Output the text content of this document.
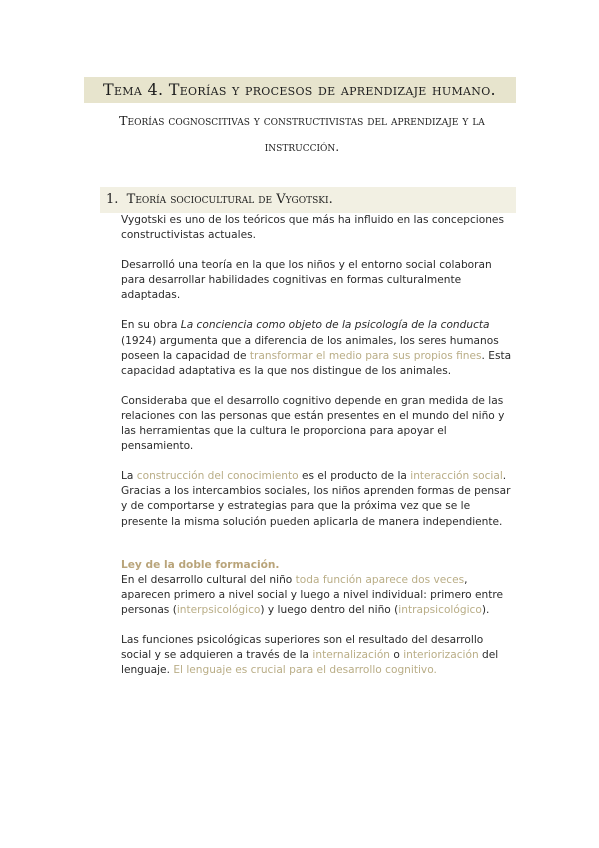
Tema 4. Teorías y procesos de aprendizaje humano.
Teorías cognoscitivas y constructivistas del aprendizaje y la instrucción.
1. Teoría sociocultural de Vygotski.

Vygotski es uno de los teóricos que más ha influido en las concepciones constructivistas actuales.

Desarrolló una teoría en la que los niños y el entorno social colaboran para desarrollar habilidades cognitivas en formas culturalmente adaptadas.

En su obra La conciencia como objeto de la psicología de la conducta (1924) argumenta que a diferencia de los animales, los seres humanos poseen la capacidad de transformar el medio para sus propios fines. Esta capacidad adaptativa es la que nos distingue de los animales.

Consideraba que el desarrollo cognitivo depende en gran medida de las relaciones con las personas que están presentes en el mundo del niño y las herramientas que la cultura le proporciona para apoyar el pensamiento.

La construcción del conocimiento es el producto de la interacción social. Gracias a los intercambios sociales, los niños aprenden formas de pensar y de comportarse y estrategias para que la próxima vez que se le presente la misma solución pueden aplicarla de manera independiente.

Ley de la doble formación.
En el desarrollo cultural del niño toda función aparece dos veces, aparecen primero a nivel social y luego a nivel individual: primero entre personas (interpsicológico) y luego dentro del niño (intrapsicológico).

Las funciones psicológicas superiores son el resultado del desarrollo social y se adquieren a través de la internalización o interiorización del lenguaje. El lenguaje es crucial para el desarrollo cognitivo.
